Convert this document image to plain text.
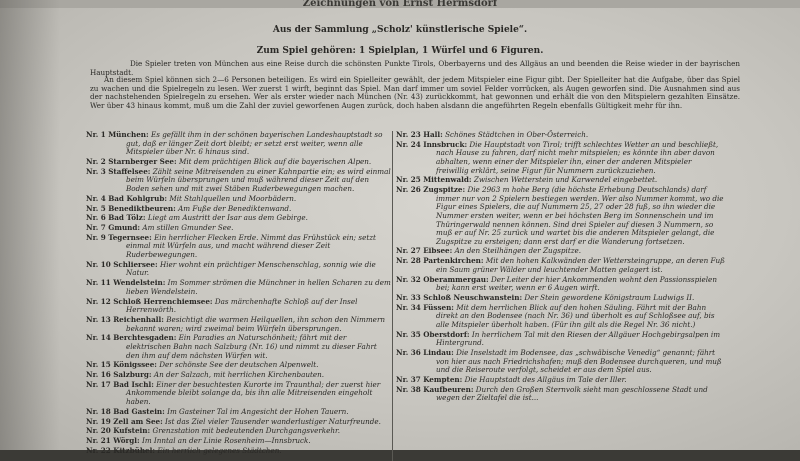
Zeichnungen von Ernst Hermsdorf
Aus der Sammlung „Scholz' künstlerische Spiele“.
Zum Spiel gehören: 1 Spielplan, 1 Würfel und 6 Figuren.
Die Spieler treten von München aus eine Reise durch die schönsten Punkte Tirols, Oberbayerns und des Allgäus an und beenden die Reise wieder in der bayrischen Hauptstadt.
An diesem Spiel können sich 2—6 Personen beteiligen. Es wird ein Spielleiter gewählt, der jedem Mitspieler eine Figur gibt. Der Spielleiter hat die Aufgabe, über das Spiel zu wachen und die Spielregeln zu lesen. Wer zuerst 1 wirft, beginnt das Spiel. Man darf immer um soviel Felder vorrücken, als Augen geworfen sind. Die Ausnahmen sind aus der nachstehenden Spielregeln zu ersehen. Wer als erster wieder nach München (Nr. 43) zurückkommt, hat gewonnen und erhält die von den Mitspielern gezahlten Einsätze. Wer über 43 hinaus kommt, muß um die Zahl der zuviel geworfenen Augen zurück, doch haben alsdann die angeführten Regeln ebenfalls Gültigkeit mehr für ihn.
Nr. 1 München: Es gefällt ihm in der schönen bayerischen Landeshauptstadt so gut, daß er länger Zeit dort bleibt; er setzt erst weiter, wenn alle Mitspieler über Nr. 6 hinaus sind.
Nr. 2 Starnberger See: Mit dem prächtigen Blick auf die bayerischen Alpen.
Nr. 3 Staffelsee: Zählt seine Mitreisenden zu einer Kahnpartie ein; es wird einmal beim Würfeln übersprungen und muß während dieser Zeit auf den Boden sehen und mit zwei Stäben Ruderbewegungen machen.
Nr. 4 Bad Kohlgrub: Mit Stahlquellen und Moorbädern.
Nr. 5 Benediktbeuren: Am Fuße der Benediktenwand.
Nr. 6 Bad Tölz: Liegt am Austritt der Isar aus dem Gebirge.
Nr. 7 Gmund: Am stillen Gmunder See.
Nr. 9 Tegernsee: Ein herrlicher Flecken Erde. Nimmt das Frühstück ein; setzt einmal mit Würfeln aus, und macht während dieser Zeit Ruderbewegungen.
Nr. 10 Schliersee: Hier wohnt ein prächtiger Menschenschlag, sonnig wie die Natur.
Nr. 11 Wendelstein: Im Sommer strömen die Münchner in hellen Scharen zu dem lieben Wendelstein.
Nr. 12 Schloß Herrenchiemsee: Das märchenhafte Schloß auf der Insel Herrenwörth.
Nr. 13 Reichenhall: Besichtigt die warmen Heilquellen, ihn schon den Nimmern bekannt waren; wird zweimal beim Würfeln übersprungen.
Nr. 14 Berchtesgaden: Ein Paradies an Naturschönheit; fährt mit der elektrischen Bahn nach Salzburg (Nr. 16) und nimmt zu dieser Fahrt den ihm auf dem nächsten Würfen wit.
Nr. 15 Königssee: Der schönste See der deutschen Alpenwelt.
Nr. 16 Salzburg: An der Salzach, mit herrlichen Kirchenbauten.
Nr. 17 Bad Ischl: Einer der besuchtesten Kurorte im Traunthal; der zuerst hier Ankommende bleibt solange da, bis ihn alle Mitreisenden eingeholt haben.
Nr. 18 Bad Gastein: Im Gasteiner Tal im Angesicht der Hohen Tauern.
Nr. 19 Zell am See: Ist das Ziel vieler Tausender wanderlustiger Naturfreunde.
Nr. 20 Kufstein: Grenzstation mit bedeutenden Durchgangsverkehr.
Nr. 21 Wörgl: Im Inntal an der Linie Rosenheim—Innsbruck.
Nr. 22 Kitzbühel: Ein herrlich gelegenes Städtchen.
Nr. 23 Hall: Schönes Städtchen in Ober-Österreich.
Nr. 24 Innsbruck: Die Hauptstadt von Tirol; trifft schlechtes Wetter an und beschließt, nach Hause zu fahren, darf nicht mehr mitspielen; es könnte ihn aber davon abhalten, wenn einer der Mitspieler ihn, einer der anderen Mitspieler freiwillig erklärt, seine Figur für Nummern zurückzuziehen.
Nr. 25 Mittenwald: Zwischen Wetterstein und Karwendel eingebettet.
Nr. 26 Zugspitze: Die 2963 m hohe Berg (die höchste Erhebung Deutschlands) darf immer nur von 2 Spielern bestiegen werden. Wer also Nummer kommt, wo die Figur eines Spielers, die auf Nummern 25, 27 oder 28 fuß, so ihn wieder die Nummer ersten weiter, wenn er bei höchsten Berg im Sonnenschein und im Thüringerwald nennen können. Sind drei Spieler auf diesen 3 Nummern, so muß er auf Nr. 25 zurück und wartet bis die anderen Mitspieler gelangt, die Zugspitze zu ersteigen; dann erst darf er die Wanderung fortsetzen.
Nr. 27 Eibsee: An den Steilhängen der Zugspitze.
Nr. 28 Partenkirchen: Mit den hohen Kalkwänden der Wettersteingruppe, an deren Fuß ein Saum grüner Wälder und leuchtender Matten gelagert ist.
Nr. 32 Oberammergau: Der Leiter der hier Ankommenden wohnt den Passionsspielen bei; kann erst weiter, wenn er 6 Augen wirft.
Nr. 33 Schloß Neuschwanstein: Der Stein gewordene Königstraum Ludwigs II.
Nr. 34 Füssen: Mit dem herrlichen Blick auf den hohen Säuling. Fährt mit der Bahn direkt an den Bodensee (nach Nr. 36) und überholt es auf Schloßsee auf, bis alle Mitspieler überholt haben. (Für ihn gilt als die Regel Nr. 36 nicht.)
Nr. 35 Oberstdorf: In herrlichem Tal mit den Riesen der Allgäuer Hochgebirgsalpen im Hintergrund.
Nr. 36 Lindau: Die Inselstadt im Bodensee, das „schwäbische Venedig“ genannt; fährt von hier aus nach Friedrichshafen; muß den Bodensee durchqueren, und muß und die Reiseroute verfolgt, scheidet er aus dem Spiel aus.
Nr. 37 Kempten: Die Hauptstadt des Allgäus im Tale der Iller.
Nr. 38 Kaufbeuren: Durch den Großen Sternvolk sieht man geschlossene Stadt und wegen der Zieltafel die ist...
